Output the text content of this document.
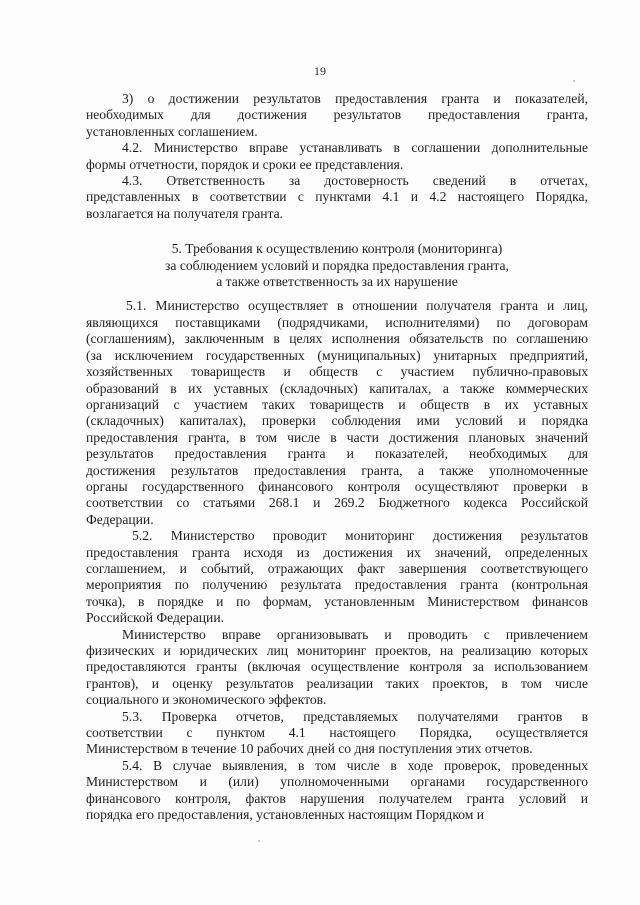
19
3) о достижении результатов предоставления гранта и показателей,
необходимых для достижения результатов предоставления гранта,
установленных соглашением.
4.2. Министерство вправе устанавливать в соглашении дополнительные
формы отчетности, порядок и сроки ее представления.
4.3. Ответственность за достоверность сведений в отчетах,
представленных в соответствии с пунктами 4.1 и 4.2 настоящего Порядка,
возлагается на получателя гранта.
5. Требования к осуществлению контроля (мониторинга)
за соблюдением условий и порядка предоставления гранта,
а также ответственность за их нарушение
5.1. Министерство осуществляет в отношении получателя гранта и лиц,
являющихся поставщиками (подрядчиками, исполнителями) по договорам
(соглашениям), заключенным в целях исполнения обязательств по соглашению
(за исключением государственных (муниципальных) унитарных предприятий,
хозяйственных товариществ и обществ с участием публично-правовых
образований в их уставных (складочных) капиталах, а также коммерческих
организаций с участием таких товариществ и обществ в их уставных
(складочных) капиталах), проверки соблюдения ими условий и порядка
предоставления гранта, в том числе в части достижения плановых значений
результатов предоставления гранта и показателей, необходимых для
достижения результатов предоставления гранта, а также уполномоченные
органы государственного финансового контроля осуществляют проверки в
соответствии со статьями 268.1 и 269.2 Бюджетного кодекса Российской
Федерации.
5.2. Министерство проводит мониторинг достижения результатов
предоставления гранта исходя из достижения их значений, определенных
соглашением, и событий, отражающих факт завершения соответствующего
мероприятия по получению результата предоставления гранта (контрольная
точка), в порядке и по формам, установленным Министерством финансов
Российской Федерации.
Министерство вправе организовывать и проводить с привлечением
физических и юридических лиц мониторинг проектов, на реализацию которых
предоставляются гранты (включая осуществление контроля за использованием
грантов), и оценку результатов реализации таких проектов, в том числе
социального и экономического эффектов.
5.3. Проверка отчетов, представляемых получателями грантов в
соответствии с пунктом 4.1 настоящего Порядка, осуществляется
Министерством в течение 10 рабочих дней со дня поступления этих отчетов.
5.4. В случае выявления, в том числе в ходе проверок, проведенных
Министерством и (или) уполномоченными органами государственного
финансового контроля, фактов нарушения получателем гранта условий и
порядка его предоставления, установленных настоящим Порядком и
